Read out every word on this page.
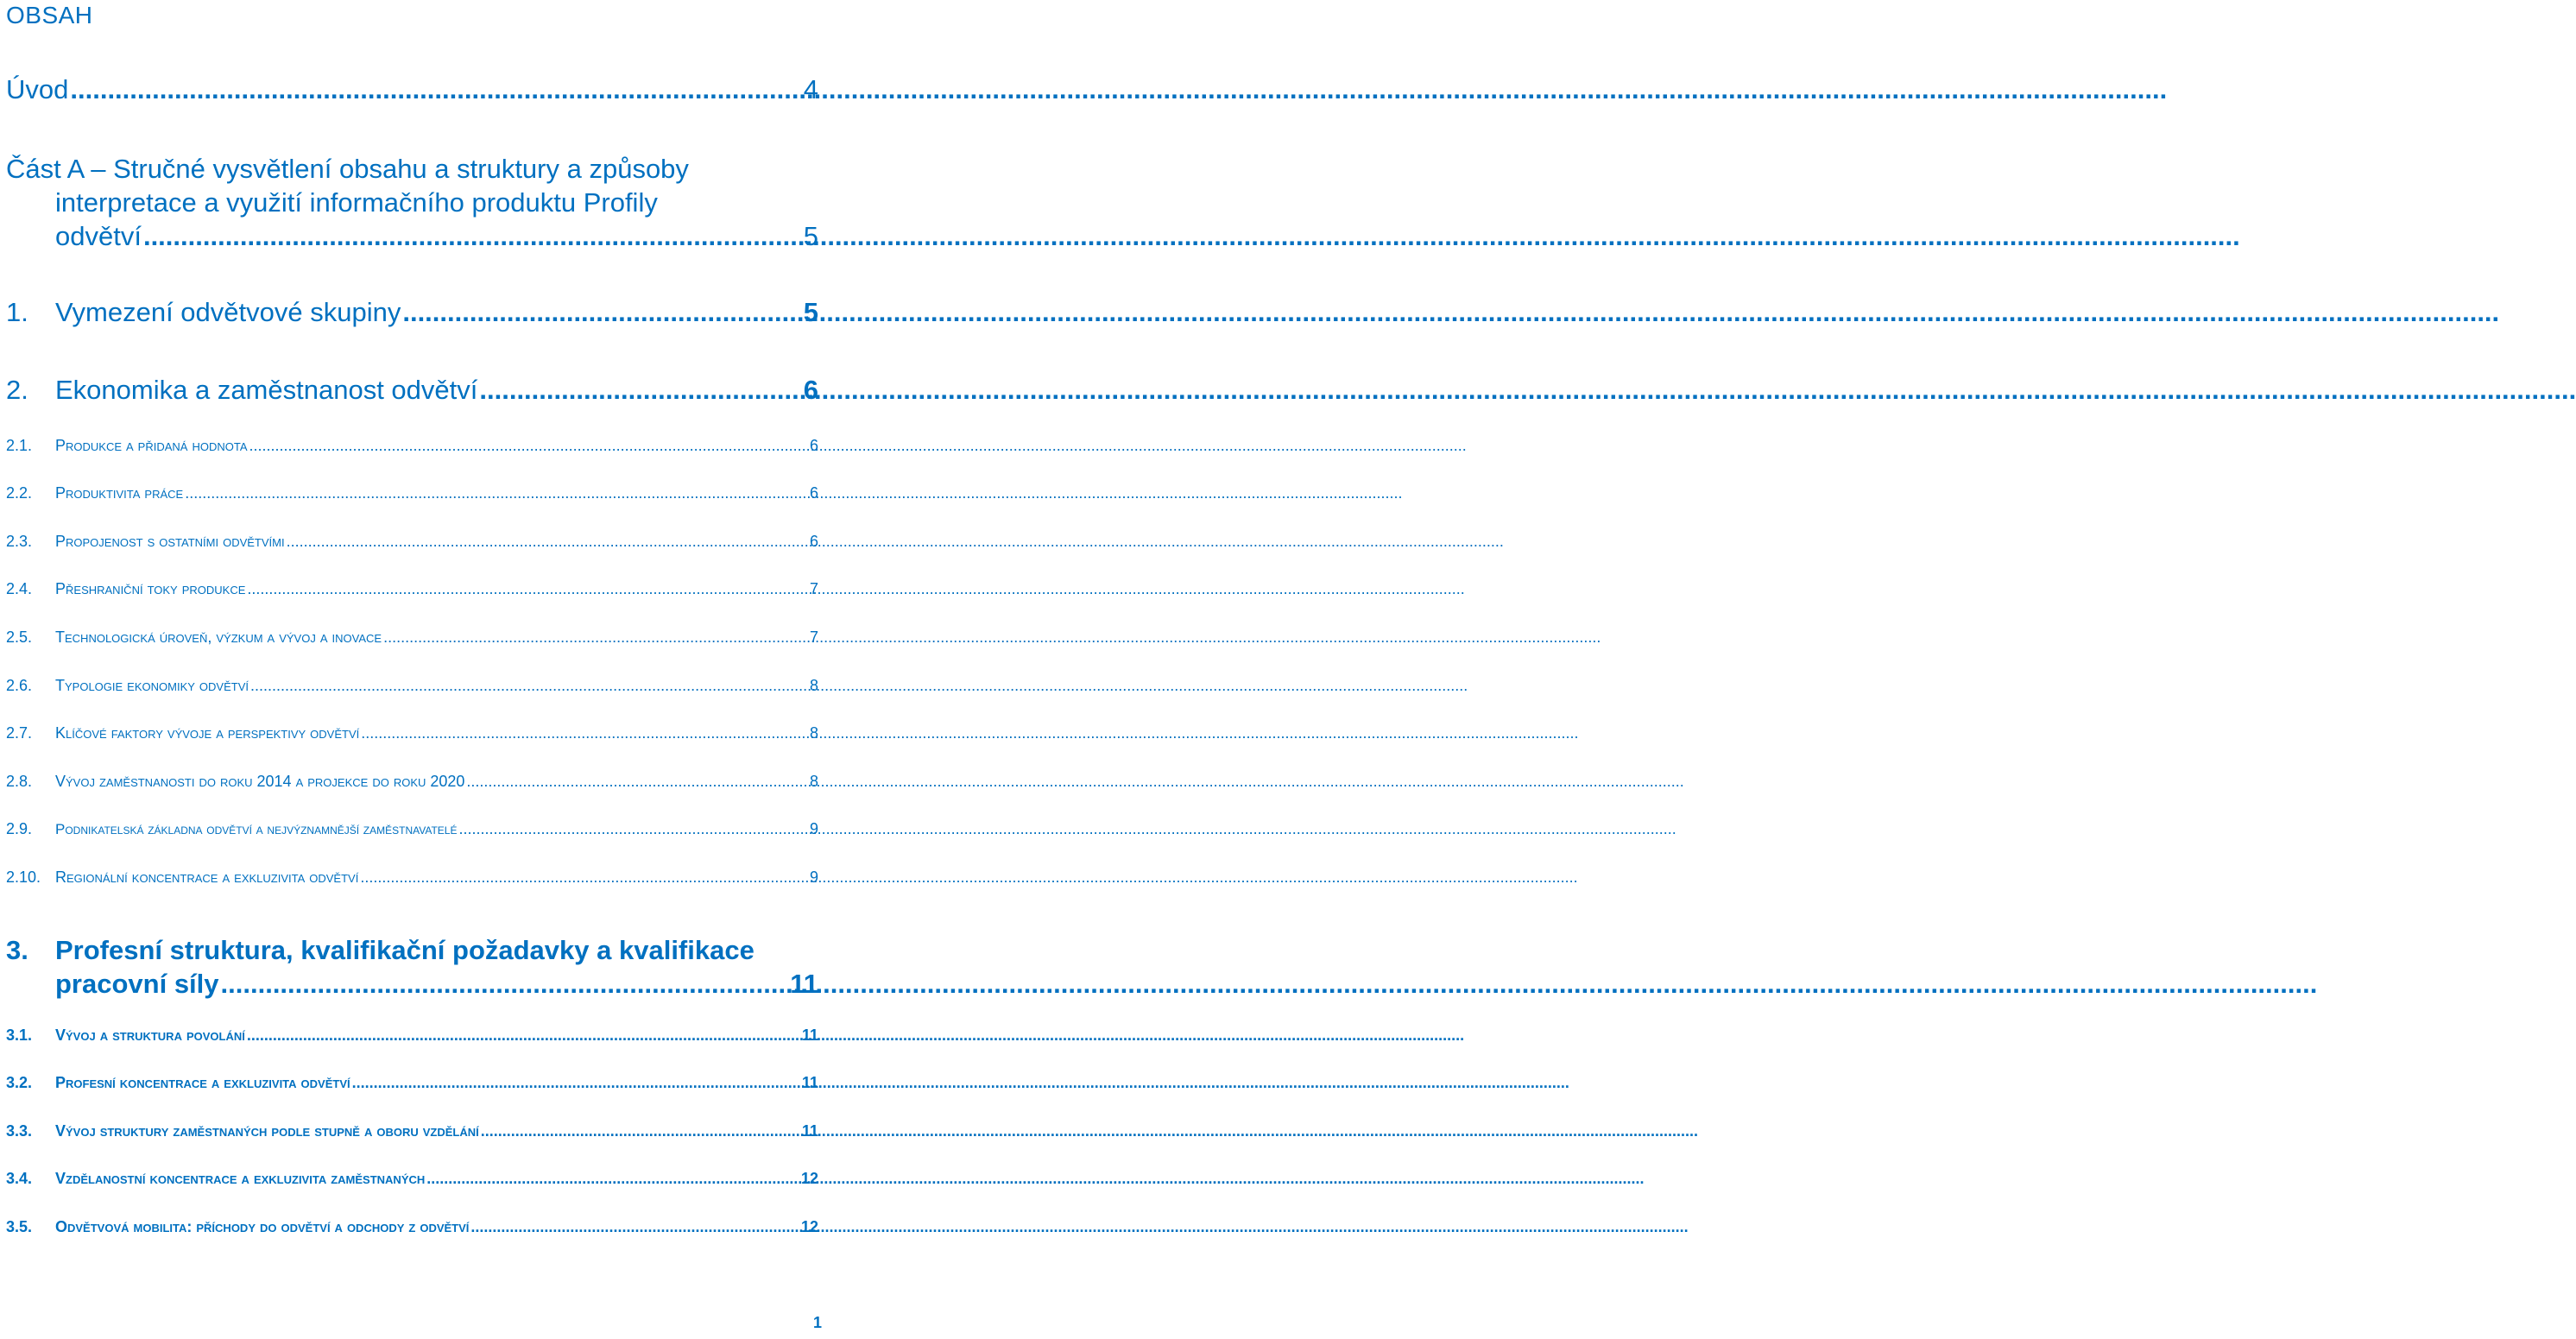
OBSAH
Úvod .....	4
Část A – Stručné vysvětlení obsahu a struktury a způsoby
interpretace a využití informačního produktu Profily
odvětví .....	5
1.	Vymezení odvětvové skupiny .....	5
2.	Ekonomika a zaměstnanost odvětví .....	6
2.1.	Produkce a přidaná hodnota .....	6
2.2.	Produktivita práce .....	6
2.3.	Propojenost s ostatními odvětvími .....	6
2.4.	Přeshraniční toky produkce .....	7
2.5.	Technologická úroveň, výzkum a vývoj a inovace .....	7
2.6.	Typologie ekonomiky odvětví .....	8
2.7.	Klíčové faktory vývoje a perspektivy odvětví .....	8
2.8.	Vývoj zaměstnanosti do roku 2014 a projekce do roku 2020 .....	8
2.9.	Podnikatelská základna odvětví a nejvýznamnější zaměstnavatelé .....	9
2.10. Regionální koncentrace a exkluzivita odvětví .....	9
3.	Profesní struktura, kvalifikační požadavky a kvalifikace
pracovní síly .....	11
3.1.	Vývoj a struktura povolání .....	11
3.2.	Profesní koncentrace a exkluzivita odvětví .....	11
3.3.	Vývoj struktury zaměstnaných podle stupně a oboru vzdělání .....	11
3.4.	Vzdělanostní koncentrace a exkluzivita zaměstnaných .....	12
3.5.	Odvětvová mobilita: příchody do odvětví a odchody z odvětví .....	12
1
